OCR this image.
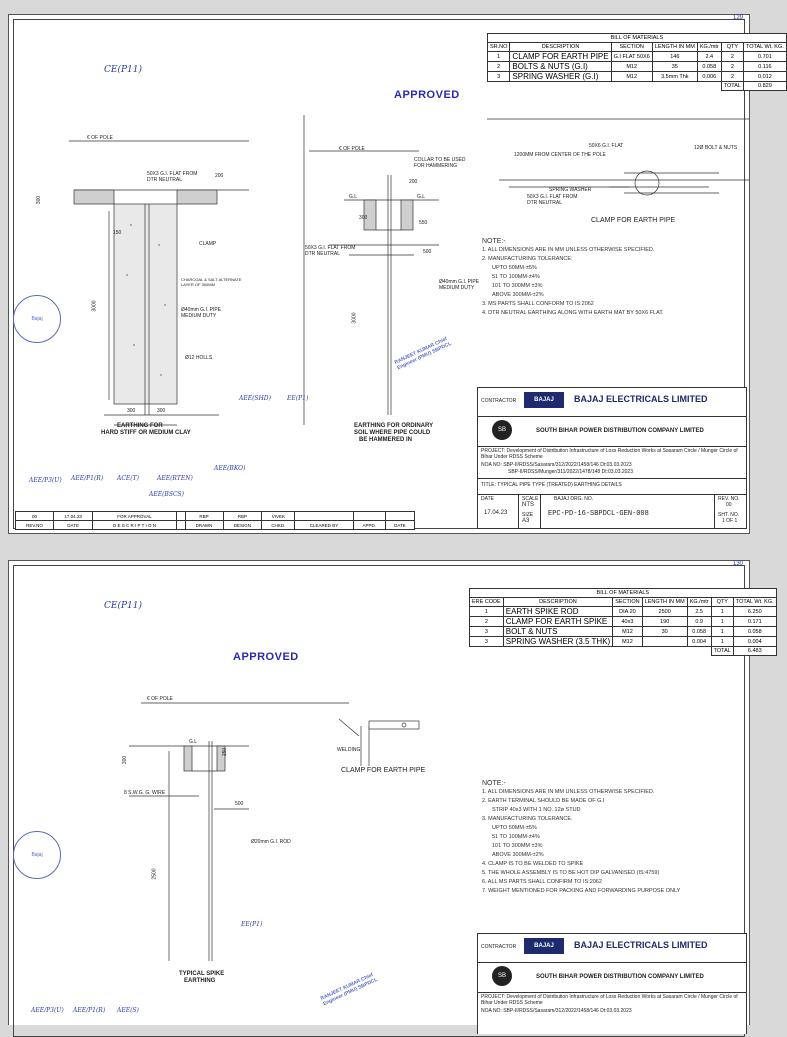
129
BILL OF MATERIALS						
SR.NO	DESCRIPTION	SECTION	LENGTH IN MM	KG./mtr	QTY	TOTAL Wt. KG.
1	CLAMP FOR EARTH PIPE	G.I FLAT 50X6	146	2.4	2	0.701
2	BOLTS & NUTS (G.I)	M12	35	0.058	2	0.116
3	SPRING WASHER (G.I)	M12	3.5mm Thk	0.006	2	0.012
					TOTAL	0.829
APPROVED
€ OF POLE
50X3 G.I. FLAT FROM DTR NEUTRAL
200
300
150
CLAMP
CHARCOAL & SALT ALTERNATE LAYER OF 300MM
Ø40mm G.I. PIPE MEDIUM DUTY
3000
Ø12 HOLLS
300	300
EARTHING FOR
HARD STIFF OR MEDIUM CLAY
€ OF POLE
COLLAR TO BE USED FOR HAMMERING
200
G.L	G.L
300
550
50X3 G.I. FLAT FROM DTR NEUTRAL	500
Ø40mm G.I. PIPE MEDIUM DUTY
3000
EARTHING FOR ORDINARY
SOIL WHERE PIPE COULD
BE HAMMERED IN
50X6 G.I. FLAT
1200MM FROM CENTER OF THE POLE
12Ø BOLT & NUTS
SPRING WASHER
50X3 G.I. FLAT FROM DTR NEUTRAL
CLAMP FOR EARTH PIPE
NOTE:-
1. ALL DIMENSIONS ARE IN MM UNLESS OTHERWISE SPECIFIED.
2. MANUFACTURING TOLERANCE:
UPTO 50MM-±5%
51 TO 100MM-±4%
101 TO 300MM ±3%
ABOVE 300MM-±2%
3. MS PARTS SHALL CONFORM TO IS:2062
4. DTR NEUTRAL EARTHING ALONG WITH EARTH MAT BY 50X6 FLAT.
CONTRACTOR	BAJAJ	BAJAJ ELECTRICALS LIMITED
SB	SOUTH BIHAR POWER DISTRIBUTION COMPANY LIMITED
PROJECT: Development of Distribution Infrastructure of Loss Reduction Works at Sasaram Circle / Munger Circle of Bihar Under RDSS Scheme
NOA NO: SBP-II/RDSS/Sasaram/312/2022/1458/146 Dt:03.03.2023
SBP-II/RDSS/Munger/311/2022/1478/148 Dt:03.03.2023
TITLE: TYPICAL PIPE TYPE (TREATED) EARTHING DETAILS
DATE
17.04.23
SCALE
NTS
SIZE
A3
BAJAJ DRG. NO.
EPC-PD-16-SBPDCL-GEN-008
REV. NO.
00
SHT. NO.
1 OF 1
00	17.04.23	FOR APPROVAL		RBP	RBP	VIVEK			
REV.NO	DATE	D E S C R I P T I O N		DRAWN	DESIGN	CHKD.	CLEARED BY	APPD.	DATE
Bajaj
RANJEET KUMAR Chief Engineer (PMU) SBPDCL
CE(P11)
AEE/P3(U) AEE/P1(R) ACE(T)	AEE(RTEN)
AEE(BSCS)
AEE(BKO)
AEE(SHD)	EE(P1)
130
BILL OF MATERIALS						
ERE CODE	DESCRIPTION	SECTION	LENGTH IN MM	KG./mtr	QTY	TOTAL Wt. KG.
1	EARTH SPIKE ROD	DIA 20	2500	2.5	1	6.250
2	CLAMP FOR EARTH SPIKE	40x3	190	0.9	1	0.171
3	BOLT & NUTS	M12	30	0.058	1	0.058
3	SPRING WASHER (3.5 THK)	M12		0.004	1	0.004
					TOTAL	6.483
APPROVED
€ OF POLE
G.L
300
250
8 S.W.G. G. WIRE
500
Ø20mm G.I. ROD
2500
TYPICAL SPIKE
EARTHING
WELDING
CLAMP FOR EARTH PIPE
NOTE:-
1. ALL DIMENSIONS ARE IN MM UNLESS OTHERWISE SPECIFIED.
2. EARTH TERMINAL SHOULD BE MADE OF G.I
STRIP 40x3 WITH 1 NO. 12ø STUD
3. MANUFACTURING TOLERANCE.
UPTO 50MM-±5%
51 TO 100MM-±4%
101 TO 300MM ±3%
ABOVE 300MM-±2%
4. CLAMP IS TO BE WELDED TO SPIKE
5. THE WHOLE ASSEMBLY IS TO BE HOT DIP GALVANISED (IS:4759)
6. ALL MS PARTS SHALL CONFIRM TO IS:2062
7. WEIGHT MENTIONED FOR PACKING AND FORWARDING PURPOSE ONLY
CONTRACTOR	BAJAJ	BAJAJ ELECTRICALS LIMITED
SB	SOUTH BIHAR POWER DISTRIBUTION COMPANY LIMITED
PROJECT: Development of Distribution Infrastructure of Loss Reduction Works at Sasaram Circle / Munger Circle of Bihar Under RDSS Scheme
NOA NO: SBP-II/RDSS/Sasaram/312/2022/1458/146 Dt:03.03.2023
Bajaj
RANJEET KUMAR Chief Engineer (PMU) SBPDCL
CE(P11)
AEE/P3(U) AEE/P1(R) AEE(S)
EE(P1)
